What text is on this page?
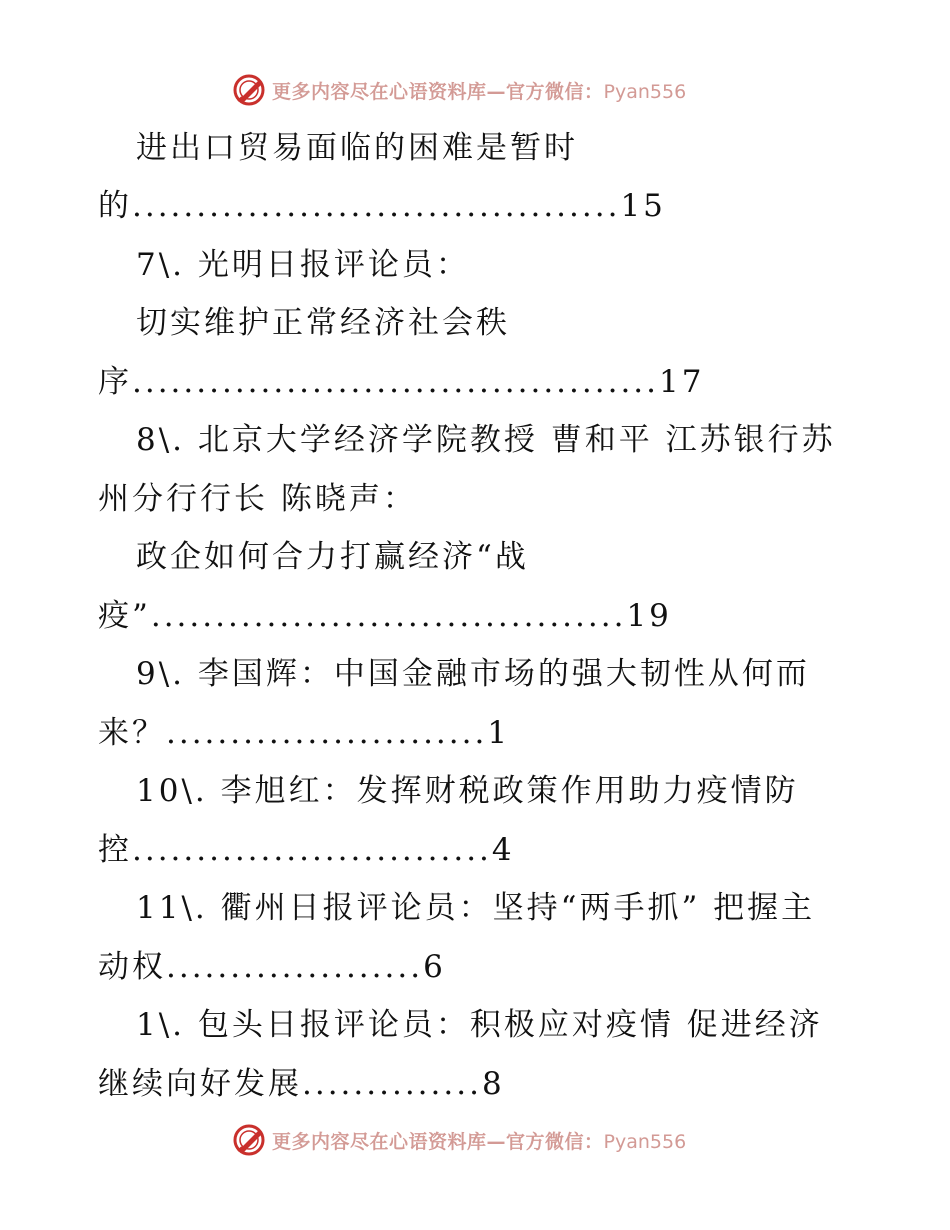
更多内容尽在心语资料库—官方微信：Pyan556
进出口贸易面临的困难是暂时
的......................................15
7\. 光明日报评论员：
切实维护正常经济社会秩
序.........................................17
8\. 北京大学经济学院教授 曹和平 江苏银行苏
州分行行长 陈晓声：
政企如何合力打赢经济“战
疫”.....................................19
9\. 李国辉：中国金融市场的强大韧性从何而
来？.........................1
10\. 李旭红：发挥财税政策作用助力疫情防
控............................4
11\. 衢州日报评论员：坚持“两手抓” 把握主
动权....................6
1\. 包头日报评论员：积极应对疫情 促进经济
继续向好发展..............8
更多内容尽在心语资料库—官方微信：Pyan556
